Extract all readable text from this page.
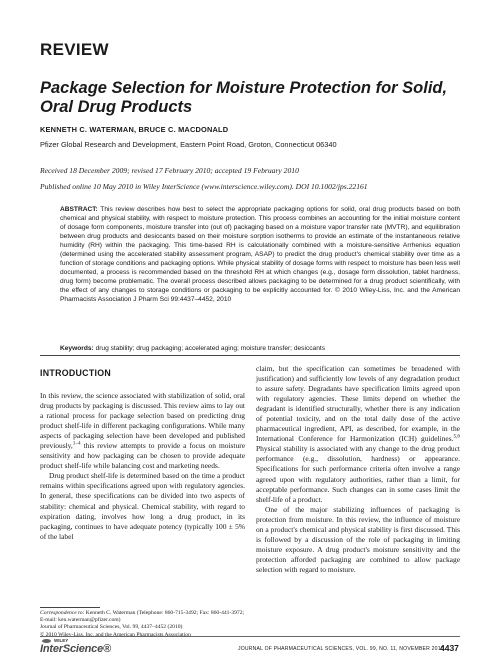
REVIEW
Package Selection for Moisture Protection for Solid, Oral Drug Products
KENNETH C. WATERMAN, BRUCE C. MACDONALD
Pfizer Global Research and Development, Eastern Point Road, Groton, Connecticut 06340
Received 18 December 2009; revised 17 February 2010; accepted 19 February 2010
Published online 10 May 2010 in Wiley InterScience (www.interscience.wiley.com). DOI 10.1002/jps.22161
ABSTRACT: This review describes how best to select the appropriate packaging options for solid, oral drug products based on both chemical and physical stability, with respect to moisture protection. This process combines an accounting for the initial moisture content of dosage form components, moisture transfer into (out of) packaging based on a moisture vapor transfer rate (MVTR), and equilibration between drug products and desiccants based on their moisture sorption isotherms to provide an estimate of the instantaneous relative humidity (RH) within the packaging. This time-based RH is calculationally combined with a moisture-sensitive Arrhenius equation (determined using the accelerated stability assessment program, ASAP) to predict the drug product's chemical stability over time as a function of storage conditions and packaging options. While physical stability of dosage forms with respect to moisture has been less well documented, a process is recommended based on the threshold RH at which changes (e.g., dosage form dissolution, tablet hardness, drug form) become problematic. The overall process described allows packaging to be determined for a drug product scientifically, with the effect of any changes to storage conditions or packaging to be explicitly accounted for. © 2010 Wiley-Liss, Inc. and the American Pharmacists Association J Pharm Sci 99:4437–4452, 2010
Keywords: drug stability; drug packaging; accelerated aging; moisture transfer; desiccants
INTRODUCTION

In this review, the science associated with stabilization of solid, oral drug products by packaging is discussed. This review aims to lay out a rational process for package selection based on predicting drug product shelf-life in different packaging configurations. While many aspects of packaging selection have been developed and published previously,$^{1-4}$ this review attempts to provide a focus on moisture sensitivity and how packaging can be chosen to provide adequate product shelf-life while balancing cost and marketing needs.

Drug product shelf-life is determined based on the time a product remains within specifications agreed upon with regulatory agencies. In general, these specifications can be divided into two aspects of stability: chemical and physical. Chemical stability, with regard to expiration dating, involves how long a drug product, in its packaging, continues to have adequate potency (typically 100 ± 5% of the label

claim, but the specification can sometimes be broadened with justification) and sufficiently low levels of any degradation product to assure safety. Degradants have specification limits agreed upon with regulatory agencies. These limits depend on whether the degradant is identified structurally, whether there is any indication of potential toxicity, and on the total daily dose of the active pharmaceutical ingredient, API, as described, for example, in the International Conference for Harmonization (ICH) guidelines.$^{5,6}$ Physical stability is associated with any change to the drug product performance (e.g., dissolution, hardness) or appearance. Specifications for such performance criteria often involve a range agreed upon with regulatory authorities, rather than a limit, for acceptable performance. Such changes can in some cases limit the shelf-life of a product.

One of the major stabilizing influences of packaging is protection from moisture. In this review, the influence of moisture on a product's chemical and physical stability is first discussed. This is followed by a discussion of the role of packaging in limiting moisture exposure. A drug product's moisture sensitivity and the protection afforded packaging are combined to allow package selection with regard to moisture.

Correspondence to: Kenneth C. Waterman (Telephone: 860-715-3492; Fax: 860-441-3972; E-mail: ken.waterman@pfizer.com)
Journal of Pharmaceutical Sciences, Vol. 99, 4437–4452 (2010)
© 2010 Wiley-Liss, Inc. and the American Pharmacists Association
WILEY
InterScience®	JOURNAL OF PHARMACEUTICAL SCIENCES, VOL. 99, NO. 11, NOVEMBER 2010
4437
